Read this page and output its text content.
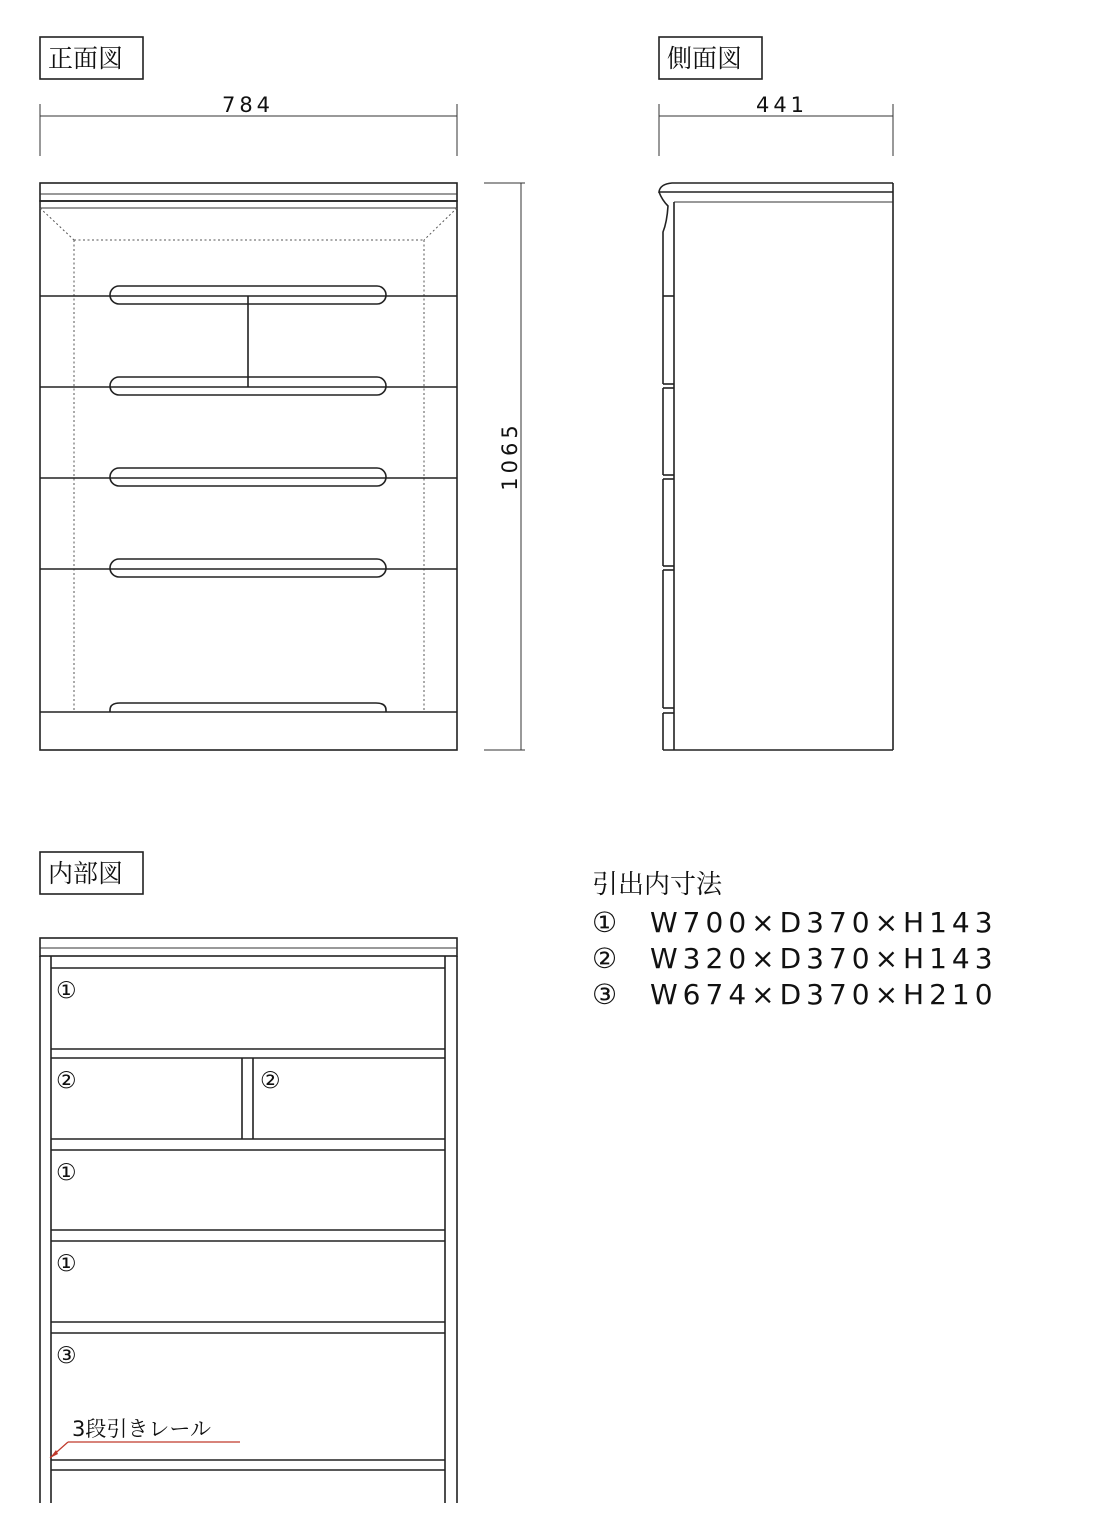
正面図
784
1065
側面図
441
内部図
①
②	②
①
①
③
3段引きレール
引出内寸法
① W700×D370×H143
② W320×D370×H143
③ W674×D370×H210
